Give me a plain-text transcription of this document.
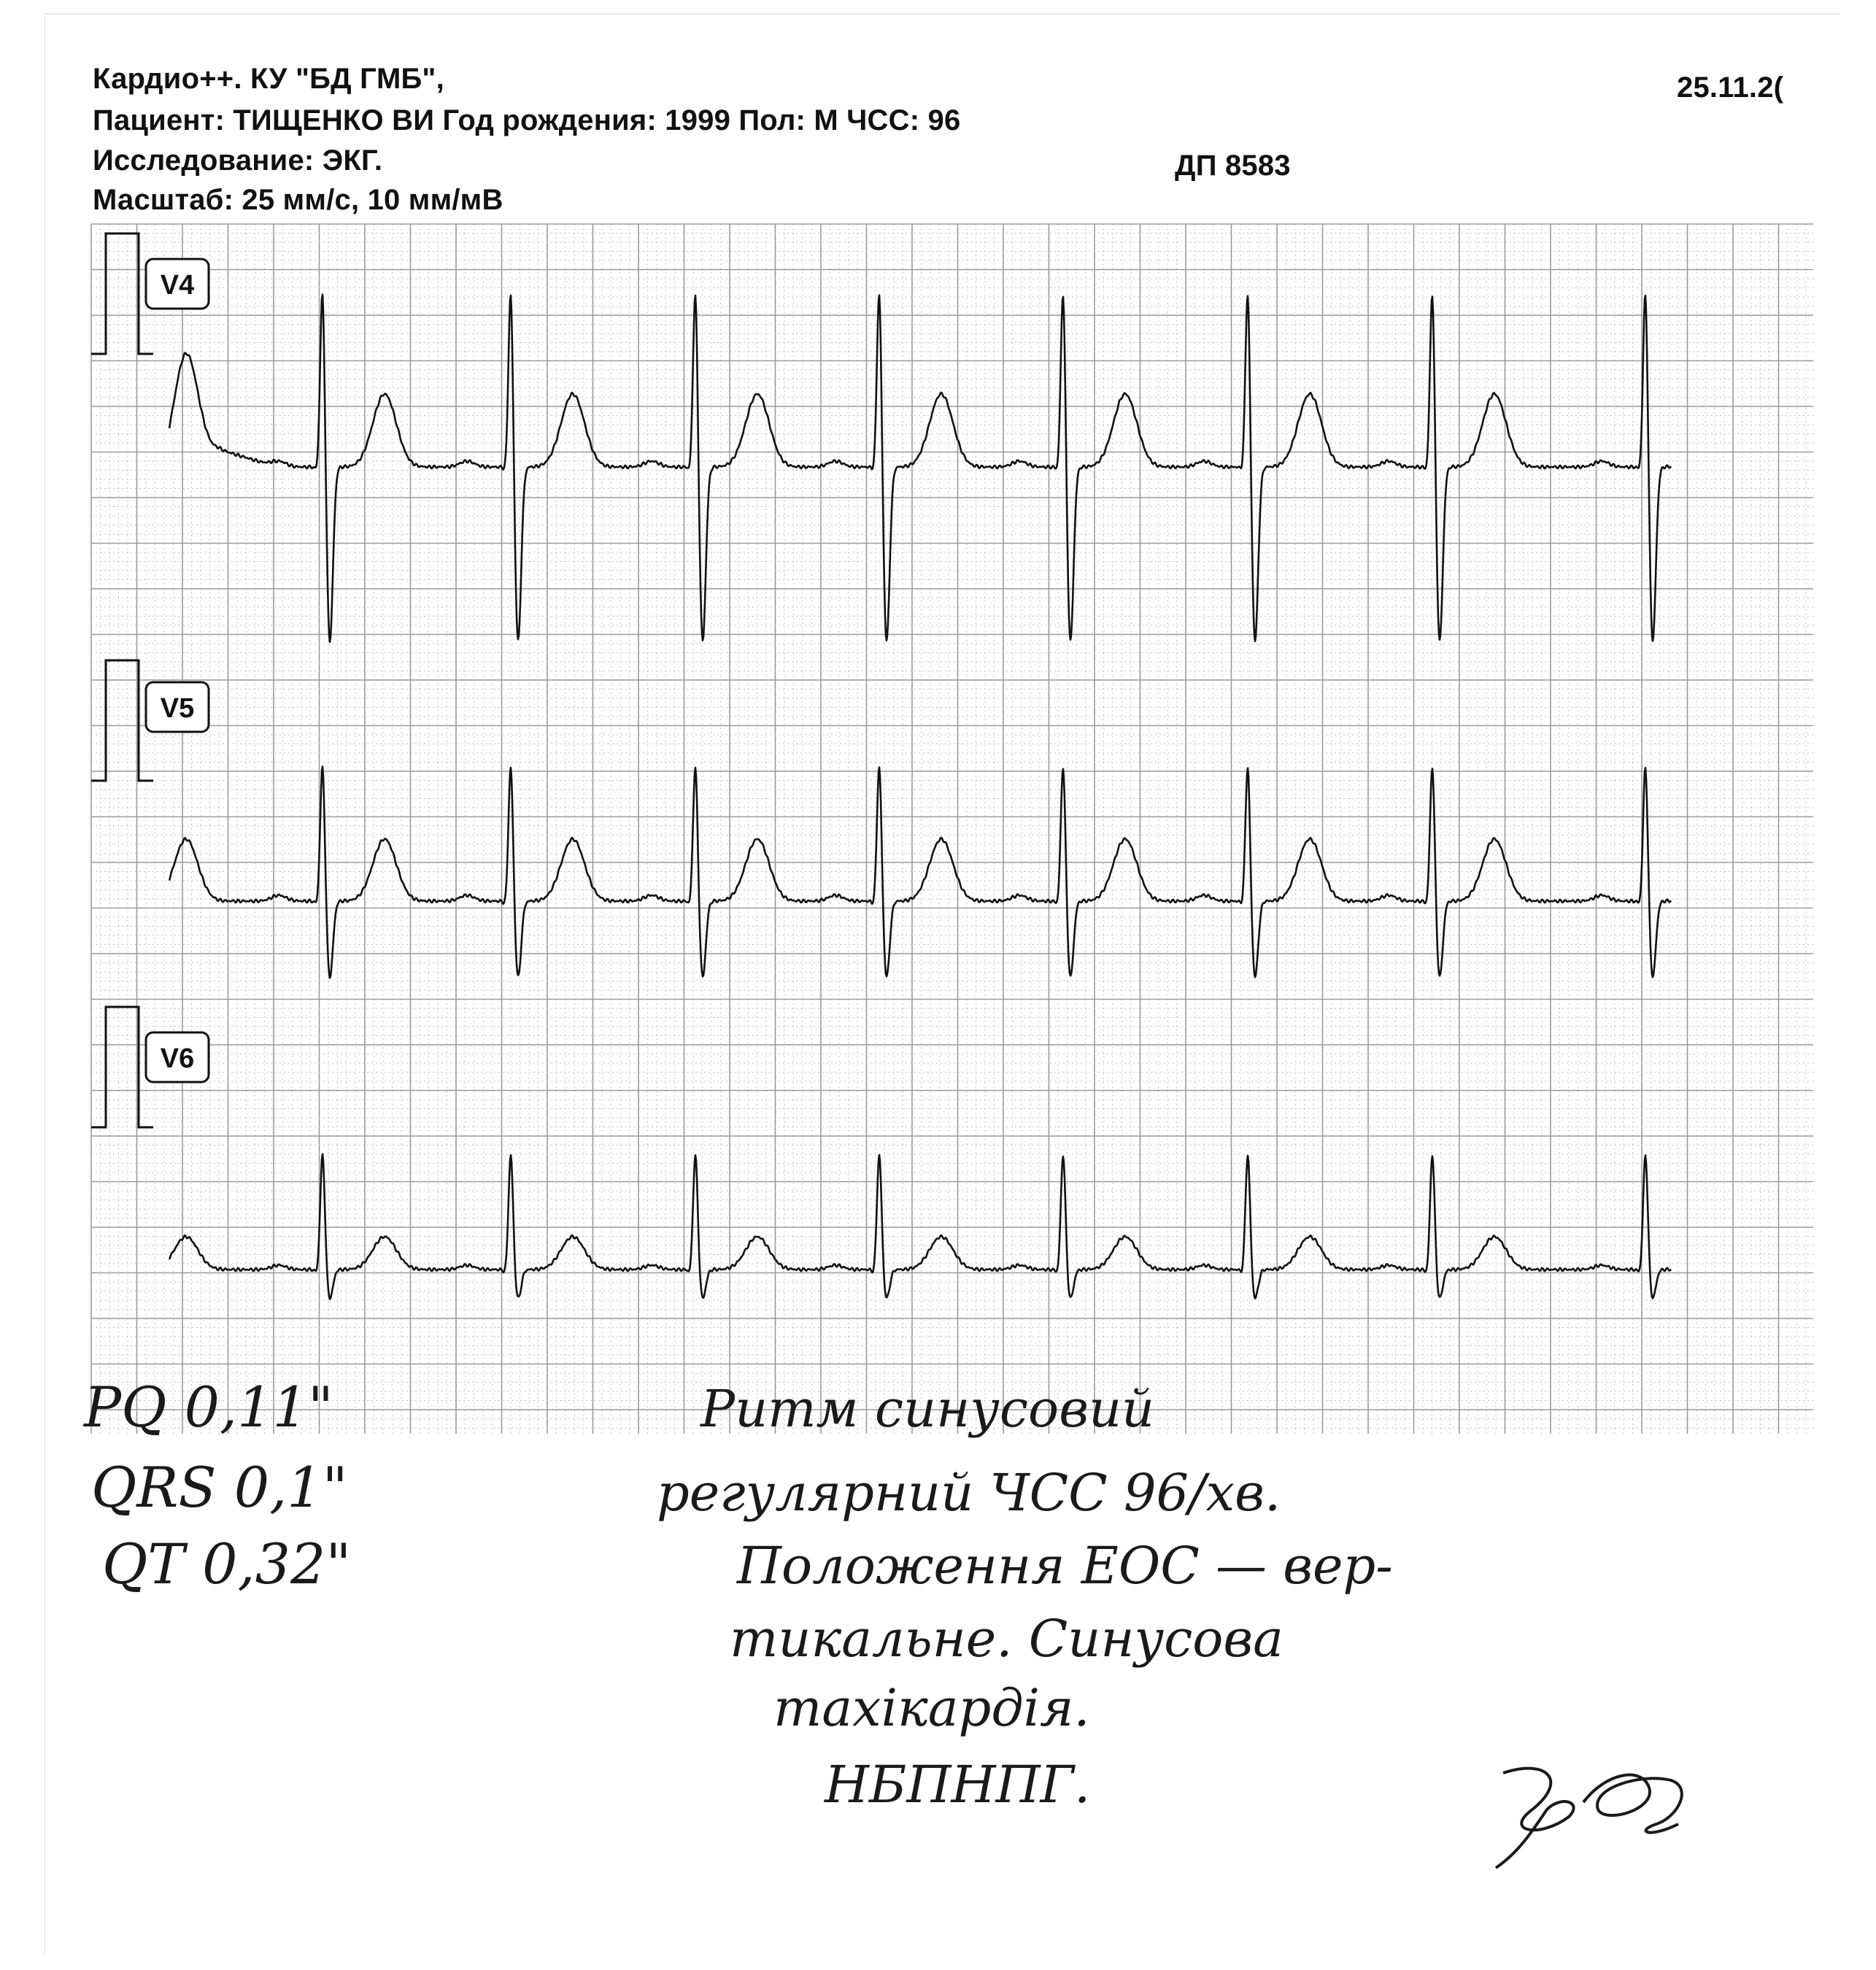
Кардио++. КУ "БД ГМБ",	25.11.2(
Пациент: ТИЩЕНКО ВИ Год рождения: 1999 Пол: М ЧСС: 96
Исследование: ЭКГ.	ДП 8583
Масштаб: 25 мм/с, 10 мм/мВ
V4
V5
V6
PQ 0,11"
QRS 0,1"
QT 0,32"
Ритм синусовий
регулярний ЧСС 96/хв.
Положення ЕОС — вер-
тикальне. Синусова
тахікардія.
НБПНПГ.
